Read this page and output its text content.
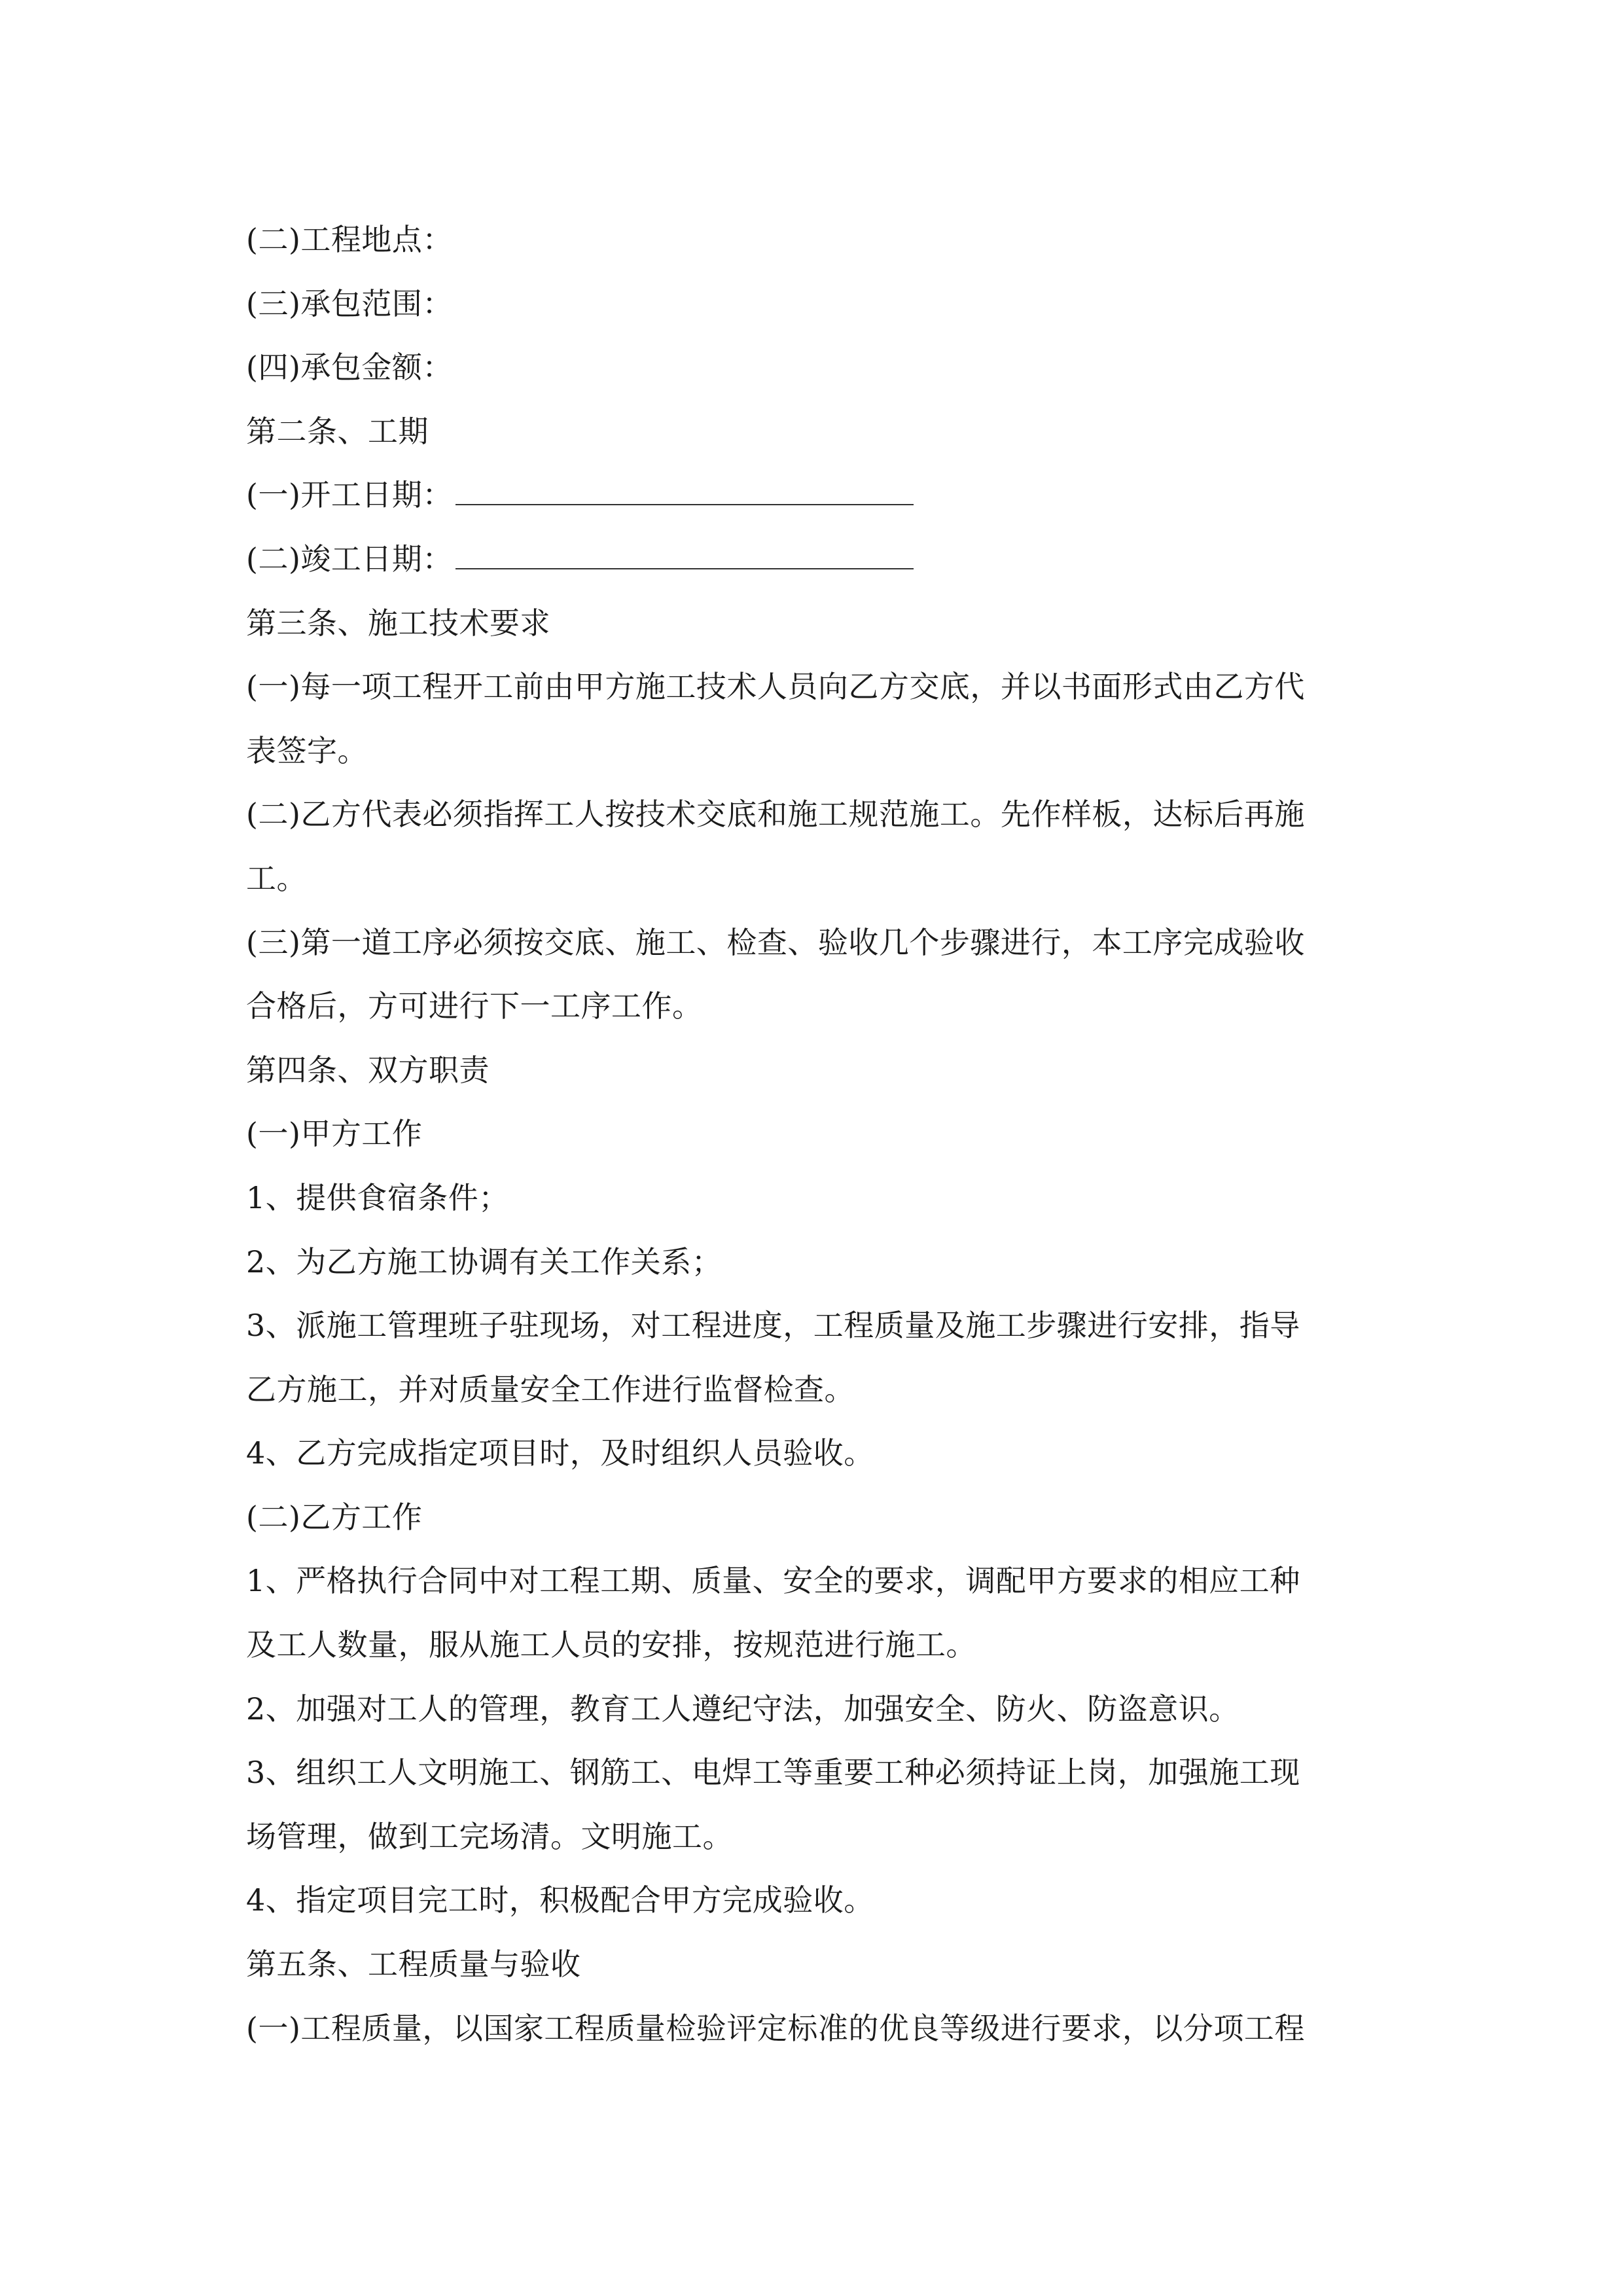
(二)工程地点：
(三)承包范围：
(四)承包金额：
第二条、工期
(一)开工日期：
(二)竣工日期：
第三条、施工技术要求
(一)每一项工程开工前由甲方施工技术人员向乙方交底，并以书面形式由乙方代
表签字。
(二)乙方代表必须指挥工人按技术交底和施工规范施工。先作样板，达标后再施
工。
(三)第一道工序必须按交底、施工、检查、验收几个步骤进行，本工序完成验收
合格后，方可进行下一工序工作。
第四条、双方职责
(一)甲方工作
1、提供食宿条件；
2、为乙方施工协调有关工作关系；
3、派施工管理班子驻现场，对工程进度，工程质量及施工步骤进行安排，指导
乙方施工，并对质量安全工作进行监督检查。
4、乙方完成指定项目时，及时组织人员验收。
(二)乙方工作
1、严格执行合同中对工程工期、质量、安全的要求，调配甲方要求的相应工种
及工人数量，服从施工人员的安排，按规范进行施工。
2、加强对工人的管理，教育工人遵纪守法，加强安全、防火、防盗意识。
3、组织工人文明施工、钢筋工、电焊工等重要工种必须持证上岗，加强施工现
场管理，做到工完场清。文明施工。
4、指定项目完工时，积极配合甲方完成验收。
第五条、工程质量与验收
(一)工程质量，以国家工程质量检验评定标准的优良等级进行要求，以分项工程
